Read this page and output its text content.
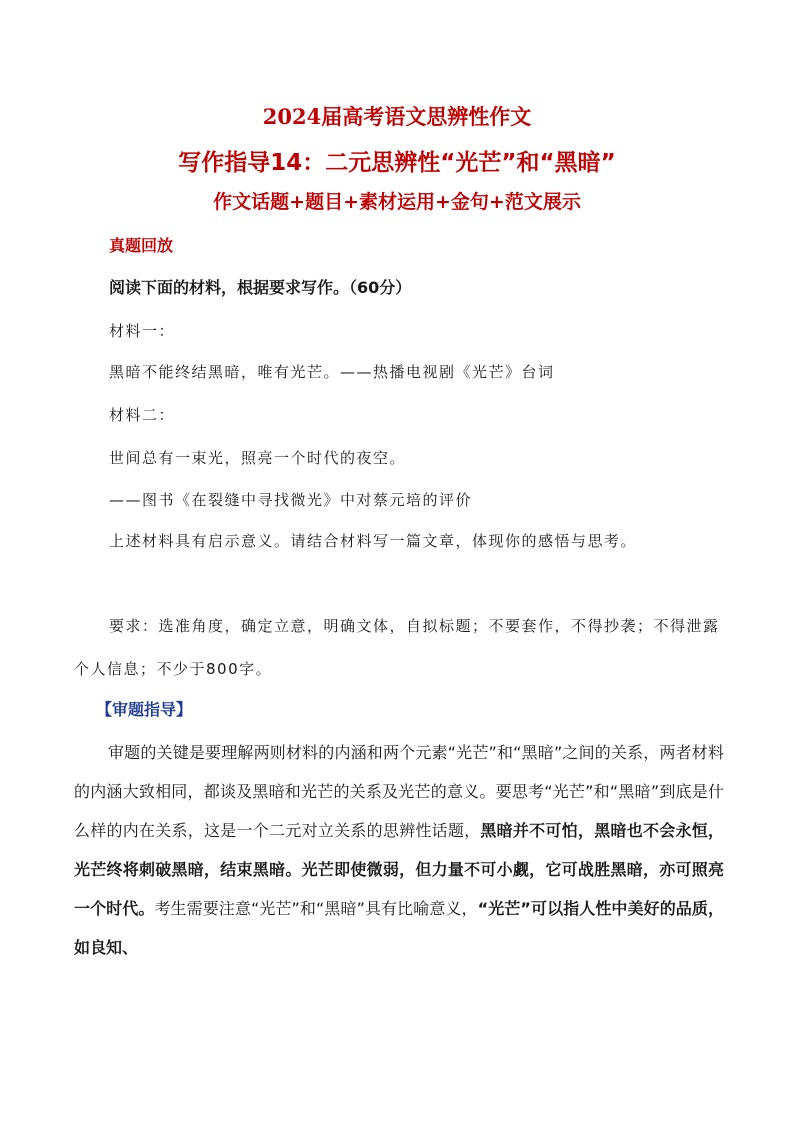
2024届高考语文思辨性作文
写作指导14：二元思辨性“光芒”和“黑暗”
作文话题+题目+素材运用+金句+范文展示
真题回放
阅读下面的材料，根据要求写作。（60分）
材料一：
黑暗不能终结黑暗，唯有光芒。——热播电视剧《光芒》台词
材料二：
世间总有一束光，照亮一个时代的夜空。
——图书《在裂缝中寻找微光》中对蔡元培的评价
上述材料具有启示意义。请结合材料写一篇文章，体现你的感悟与思考。
要求：选准角度，确定立意，明确文体，自拟标题；不要套作，不得抄袭；不得泄露个人信息；不少于800字。
【审题指导】
审题的关键是要理解两则材料的内涵和两个元素“光芒”和“黑暗”之间的关系，两者材料的内涵大致相同，都谈及黑暗和光芒的关系及光芒的意义。要思考“光芒”和“黑暗”到底是什么样的内在关系，这是一个二元对立关系的思辨性话题，黑暗并不可怕，黑暗也不会永恒，光芒终将刺破黑暗，结束黑暗。光芒即使微弱，但力量不可小觑，它可战胜黑暗，亦可照亮一个时代。考生需要注意“光芒”和“黑暗”具有比喻意义，“光芒”可以指人性中美好的品质，如良知、
